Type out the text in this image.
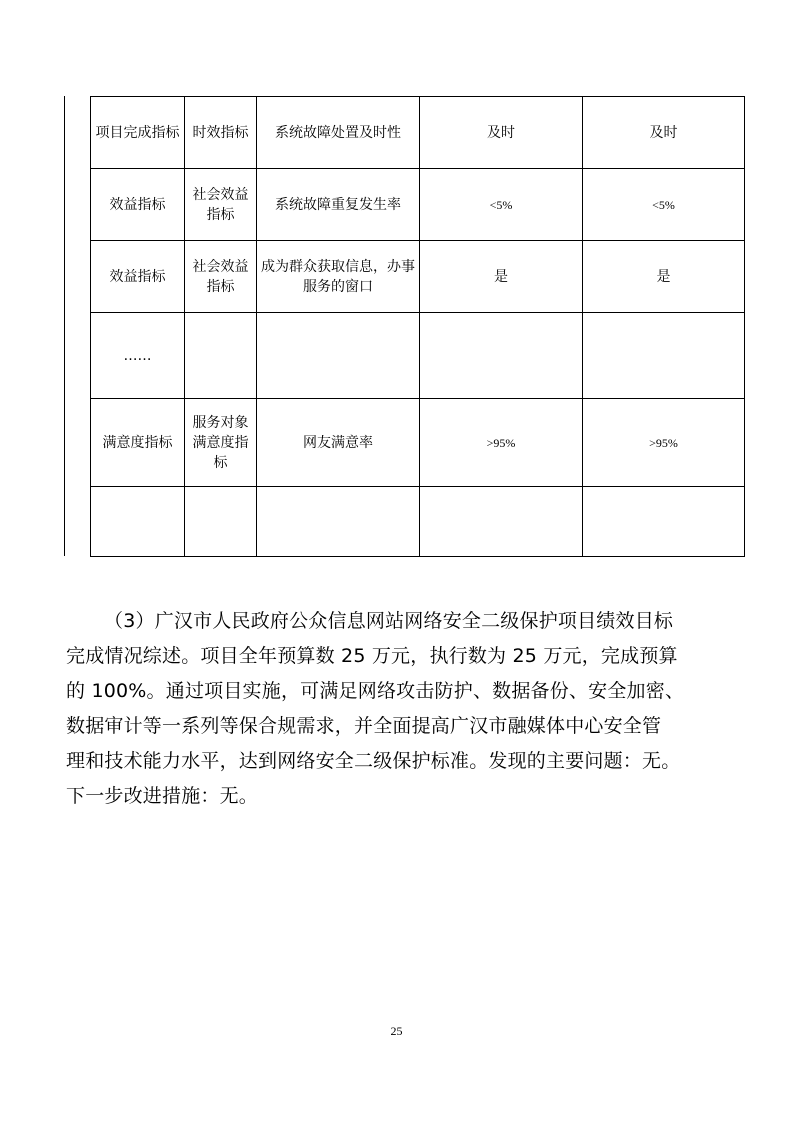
项目完成指标	时效指标	系统故障处置及时性	及时	及时
效益指标	社会效益指标	系统故障重复发生率	<5%	<5%
效益指标	社会效益指标	成为群众获取信息，办事服务的窗口	是	是
……				
满意度指标	服务对象满意度指标	网友满意率	>95%	>95%

（3）广汉市人民政府公众信息网站网络安全二级保护项目绩效目标
完成情况综述。项目全年预算数 25 万元，执行数为 25 万元，完成预算
的 100%。通过项目实施，可满足网络攻击防护、数据备份、安全加密、
数据审计等一系列等保合规需求，并全面提高广汉市融媒体中心安全管
理和技术能力水平，达到网络安全二级保护标准。发现的主要问题：无。
下一步改进措施：无。
25
